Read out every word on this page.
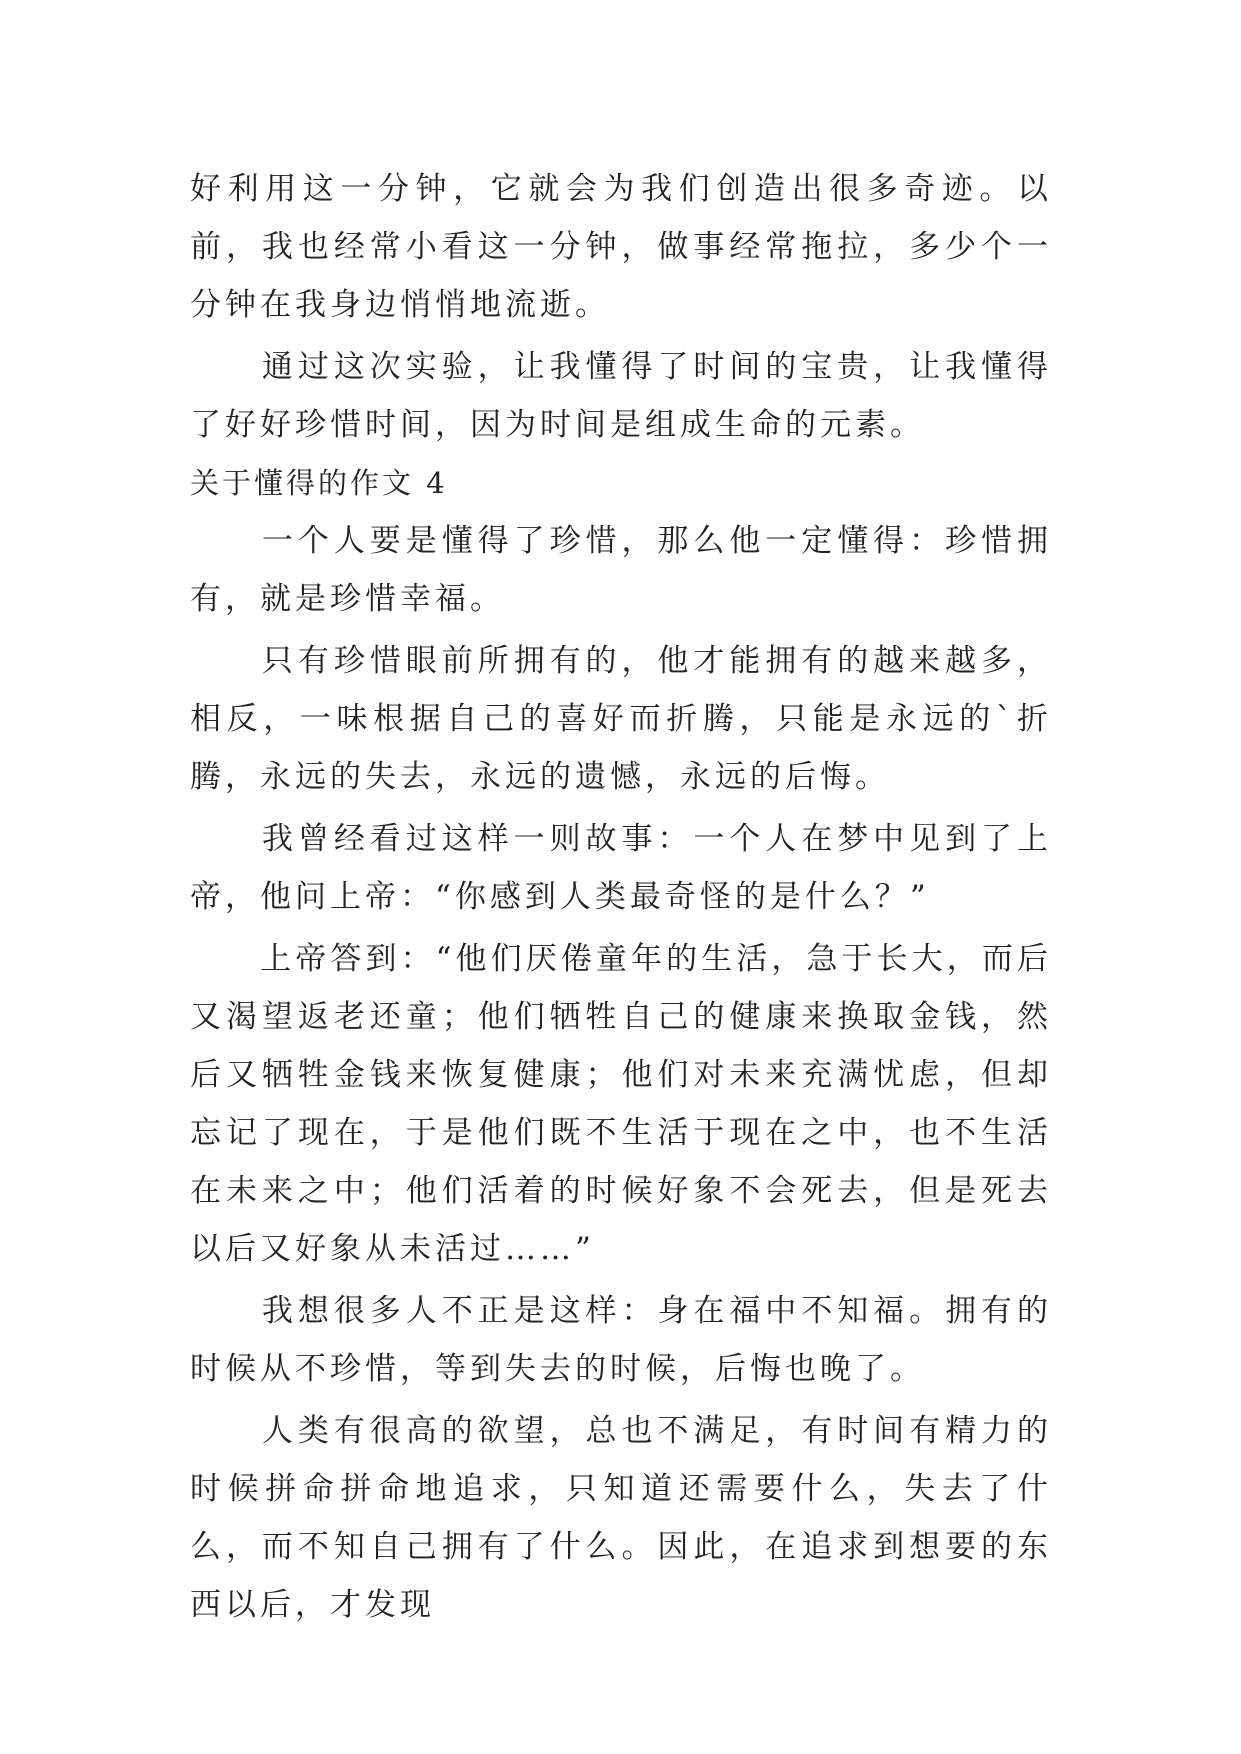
好利用这一分钟，它就会为我们创造出很多奇迹。以前，我也经常小看这一分钟，做事经常拖拉，多少个一分钟在我身边悄悄地流逝。

　　通过这次实验，让我懂得了时间的宝贵，让我懂得了好好珍惜时间，因为时间是组成生命的元素。

关于懂得的作文 4

　　一个人要是懂得了珍惜，那么他一定懂得：珍惜拥有，就是珍惜幸福。

　　只有珍惜眼前所拥有的，他才能拥有的越来越多，相反，一味根据自己的喜好而折腾，只能是永远的`折腾，永远的失去，永远的遗憾，永远的后悔。

　　我曾经看过这样一则故事：一个人在梦中见到了上帝，他问上帝：“你感到人类最奇怪的是什么？”

　　上帝答到：“他们厌倦童年的生活，急于长大，而后又渴望返老还童；他们牺牲自己的健康来换取金钱，然后又牺牲金钱来恢复健康；他们对未来充满忧虑，但却忘记了现在，于是他们既不生活于现在之中，也不生活在未来之中；他们活着的时候好象不会死去，但是死去以后又好象从未活过……”

　　我想很多人不正是这样：身在福中不知福。拥有的时候从不珍惜，等到失去的时候，后悔也晚了。

　　人类有很高的欲望，总也不满足，有时间有精力的时候拼命拼命地追求，只知道还需要什么，失去了什么，而不知自己拥有了什么。因此，在追求到想要的东西以后，才发现
